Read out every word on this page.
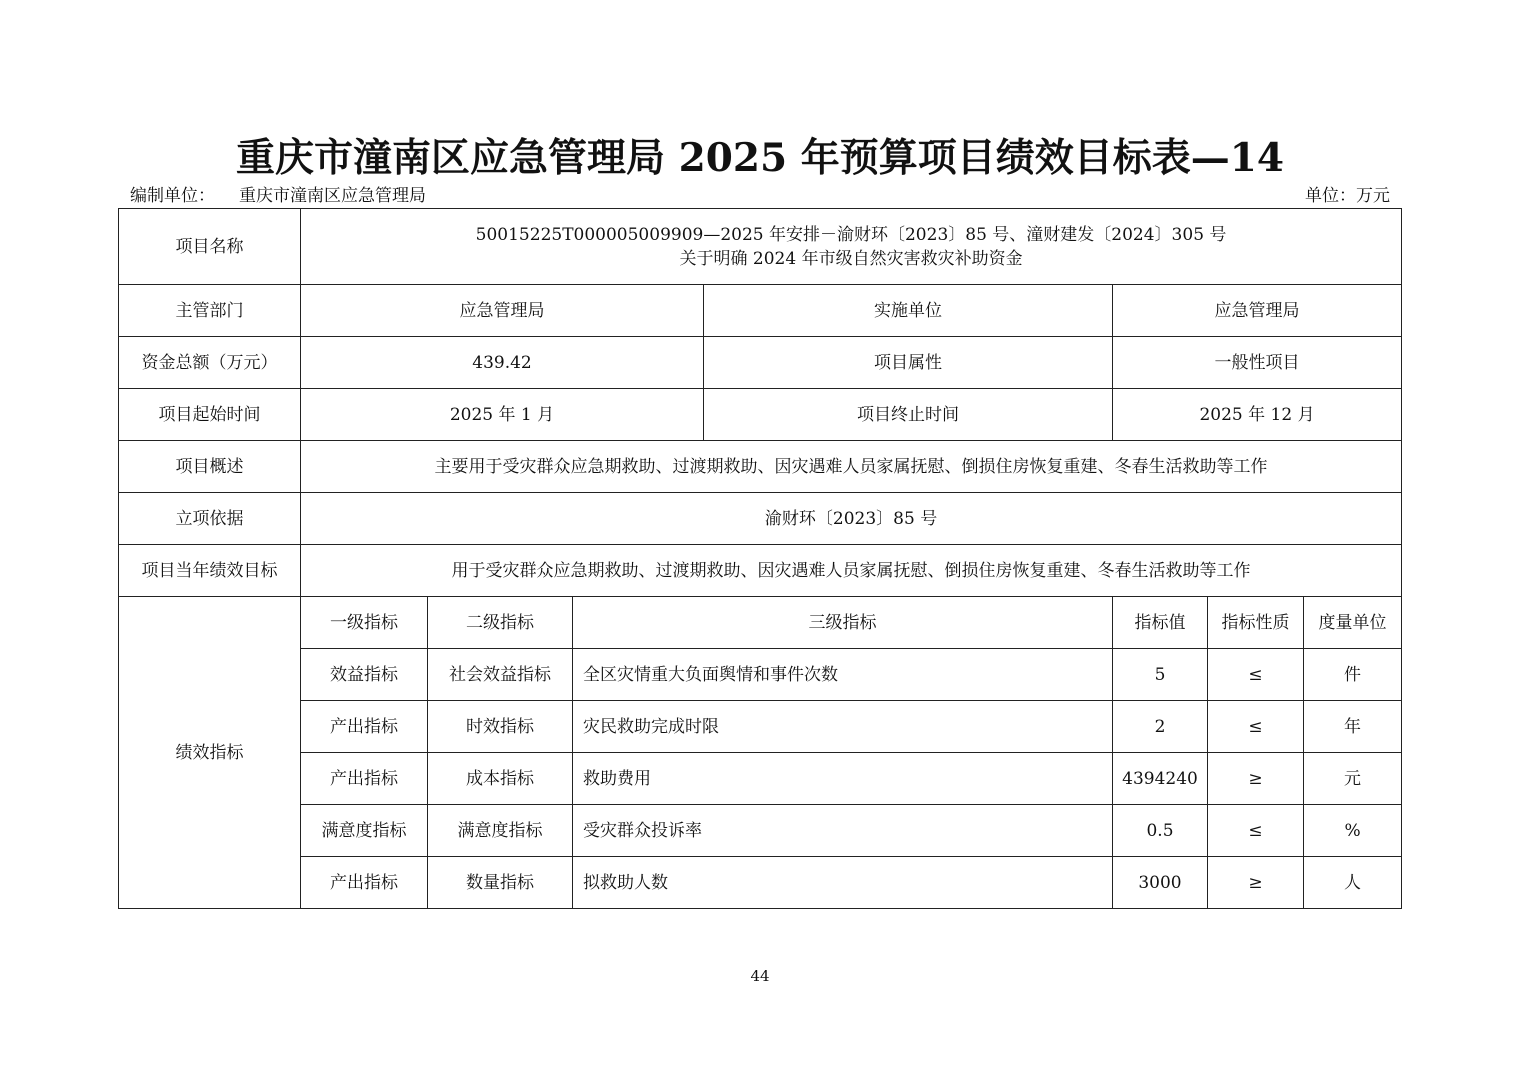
重庆市潼南区应急管理局 2025 年预算项目绩效目标表—14
编制单位： 重庆市潼南区应急管理局	单位：万元
项目名称	50015225T000005009909—2025 年安排－渝财环〔2023〕85 号、潼财建发〔2024〕305 号
关于明确 2024 年市级自然灾害救灾补助资金						

主管部门	应急管理局			实施单位	应急管理局		
资金总额（万元）	439.42			项目属性	一般性项目		
项目起始时间	2025 年 1 月			项目终止时间	2025 年 12 月		
项目概述	主要用于受灾群众应急期救助、过渡期救助、因灾遇难人员家属抚慰、倒损住房恢复重建、冬春生活救助等工作						
立项依据	渝财环〔2023〕85 号						
项目当年绩效目标	用于受灾群众应急期救助、过渡期救助、因灾遇难人员家属抚慰、倒损住房恢复重建、冬春生活救助等工作						
绩效指标	一级指标	二级指标	三级指标		指标值	指标性质	度量单位
	效益指标	社会效益指标	全区灾情重大负面舆情和事件次数		5	≤	件
	产出指标	时效指标	灾民救助完成时限		2	≤	年
	产出指标	成本指标	救助费用		4394240	≥	元
	满意度指标	满意度指标	受灾群众投诉率		0.5	≤	%
	产出指标	数量指标	拟救助人数		3000	≥	人
44
